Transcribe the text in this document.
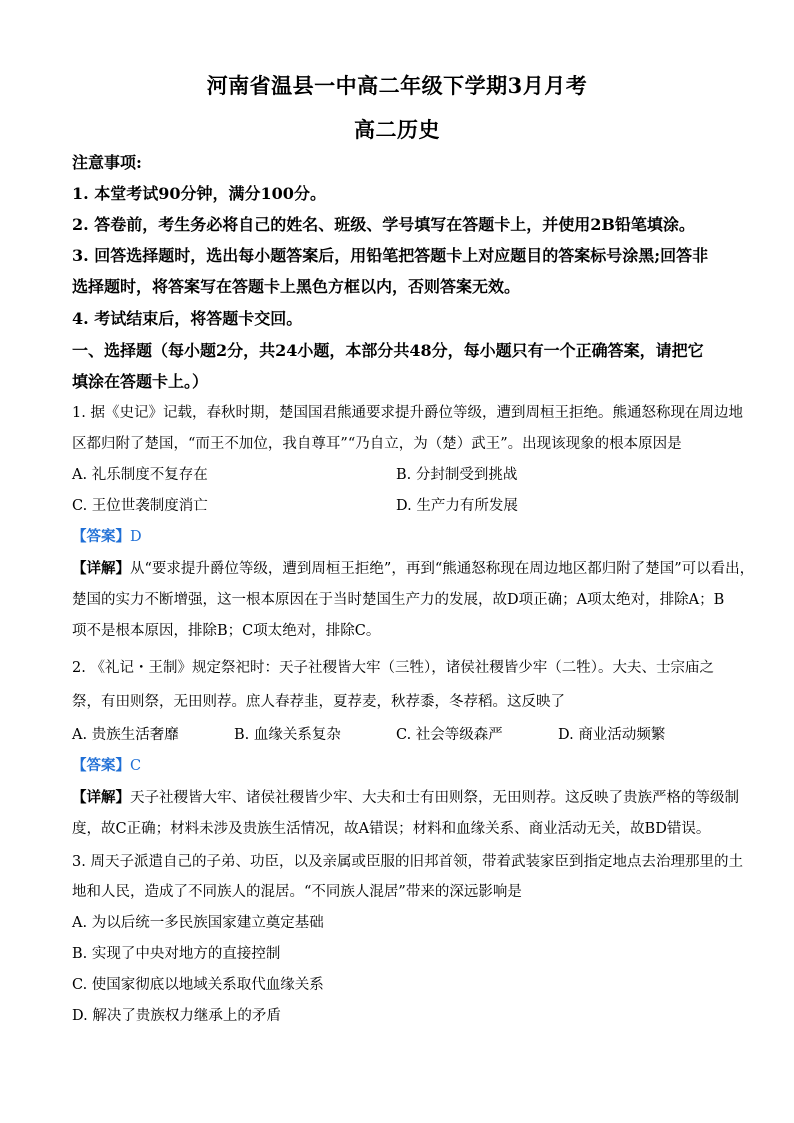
河南省温县一中高二年级下学期3月月考
高二历史
注意事项:
1. 本堂考试90分钟，满分100分。
2. 答卷前，考生务必将自己的姓名、班级、学号填写在答题卡上，并使用2B铅笔填涂。
3. 回答选择题时，选出每小题答案后，用铅笔把答题卡上对应题目的答案标号涂黑;回答非
选择题时，将答案写在答题卡上黑色方框以内，否则答案无效。
4. 考试结束后，将答题卡交回。
一、选择题（每小题2分，共24小题，本部分共48分，每小题只有一个正确答案，请把它
填涂在答题卡上。）
1. 据《史记》记载，春秋时期，楚国国君熊通要求提升爵位等级，遭到周桓王拒绝。熊通怒称现在周边地
区都归附了楚国，“而王不加位，我自尊耳”“乃自立，为（楚）武王”。出现该现象的根本原因是
A. 礼乐制度不复存在	B. 分封制受到挑战
C. 王位世袭制度消亡	D. 生产力有所发展
【答案】D
【详解】从“要求提升爵位等级，遭到周桓王拒绝”，再到“熊通怒称现在周边地区都归附了楚国”可以看出，
楚国的实力不断增强，这一根本原因在于当时楚国生产力的发展，故D项正确；A项太绝对，排除A；B
项不是根本原因，排除B；C项太绝对，排除C。
2. 《礼记・王制》规定祭祀时：天子社稷皆大牢（三牲），诸侯社稷皆少牢（二牲）。大夫、士宗庙之
祭，有田则祭，无田则荐。庶人春荐韭，夏荐麦，秋荐黍，冬荐稻。这反映了
A. 贵族生活奢靡	B. 血缘关系复杂	C. 社会等级森严	D. 商业活动频繁
【答案】C
【详解】天子社稷皆大牢、诸侯社稷皆少牢、大夫和士有田则祭，无田则荐。这反映了贵族严格的等级制
度，故C正确；材料未涉及贵族生活情况，故A错误；材料和血缘关系、商业活动无关，故BD错误。
3. 周天子派遣自己的子弟、功臣，以及亲属或臣服的旧邦首领，带着武装家臣到指定地点去治理那里的土
地和人民，造成了不同族人的混居。“不同族人混居”带来的深远影响是
A. 为以后统一多民族国家建立奠定基础
B. 实现了中央对地方的直接控制
C. 使国家彻底以地域关系取代血缘关系
D. 解决了贵族权力继承上的矛盾
